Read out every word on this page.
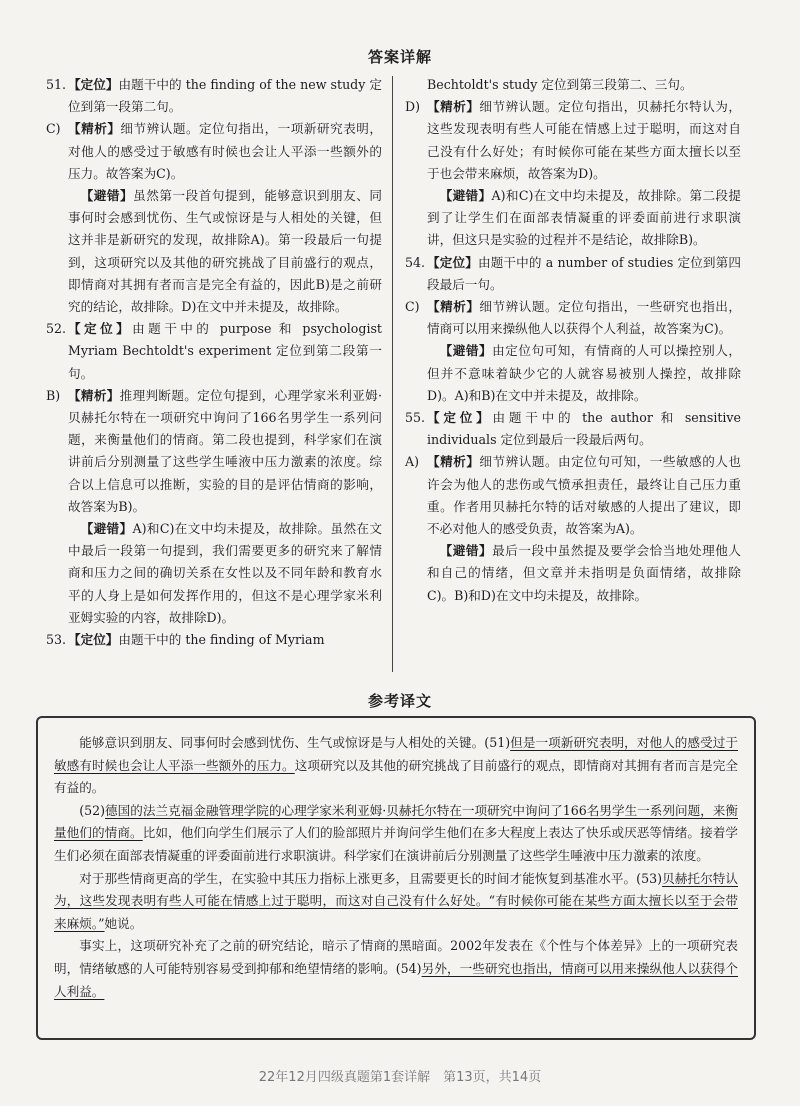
答案详解
51. 【定位】由题干中的 the finding of the new study 定位到第一段第二句。
C) 【精析】细节辨认题。定位句指出，一项新研究表明，对他人的感受过于敏感有时候也会让人平添一些额外的压力。故答案为C)。
【避错】虽然第一段首句提到，能够意识到朋友、同事何时会感到忧伤、生气或惊讶是与人相处的关键，但这并非是新研究的发现，故排除A)。第一段最后一句提到，这项研究以及其他的研究挑战了目前盛行的观点，即情商对其拥有者而言是完全有益的，因此B)是之前研究的结论，故排除。D)在文中并未提及，故排除。
52. 【定位】由题干中的 purpose 和 psychologist Myriam Bechtoldt's experiment 定位到第二段第一句。
B) 【精析】推理判断题。定位句提到，心理学家米利亚姆·贝赫托尔特在一项研究中询问了166名男学生一系列问题，来衡量他们的情商。第二段也提到，科学家们在演讲前后分别测量了这些学生唾液中压力激素的浓度。综合以上信息可以推断，实验的目的是评估情商的影响，故答案为B)。
【避错】A)和C)在文中均未提及，故排除。虽然在文中最后一段第一句提到，我们需要更多的研究来了解情商和压力之间的确切关系在女性以及不同年龄和教育水平的人身上是如何发挥作用的，但这不是心理学家米利亚姆实验的内容，故排除D)。
53. 【定位】由题干中的 the finding of Myriam
Bechtoldt's study 定位到第三段第二、三句。
D) 【精析】细节辨认题。定位句指出，贝赫托尔特认为，这些发现表明有些人可能在情感上过于聪明，而这对自己没有什么好处；有时候你可能在某些方面太擅长以至于也会带来麻烦，故答案为D)。
【避错】A)和C)在文中均未提及，故排除。第二段提到了让学生们在面部表情凝重的评委面前进行求职演讲，但这只是实验的过程并不是结论，故排除B)。
54. 【定位】由题干中的 a number of studies 定位到第四段最后一句。
C) 【精析】细节辨认题。定位句指出，一些研究也指出，情商可以用来操纵他人以获得个人利益，故答案为C)。
【避错】由定位句可知，有情商的人可以操控别人，但并不意味着缺少它的人就容易被别人操控，故排除D)。A)和B)在文中并未提及，故排除。
55. 【定位】由题干中的 the author 和 sensitive individuals 定位到最后一段最后两句。
A) 【精析】细节辨认题。由定位句可知，一些敏感的人也许会为他人的悲伤或气愤承担责任，最终让自己压力重重。作者用贝赫托尔特的话对敏感的人提出了建议，即不必对他人的感受负责，故答案为A)。
【避错】最后一段中虽然提及要学会恰当地处理他人和自己的情绪，但文章并未指明是负面情绪，故排除C)。B)和D)在文中均未提及，故排除。
参考译文

能够意识到朋友、同事何时会感到忧伤、生气或惊讶是与人相处的关键。(51)但是一项新研究表明，对他人的感受过于敏感有时候也会让人平添一些额外的压力。这项研究以及其他的研究挑战了目前盛行的观点，即情商对其拥有者而言是完全有益的。

(52)德国的法兰克福金融管理学院的心理学家米利亚姆·贝赫托尔特在一项研究中询问了166名男学生一系列问题，来衡量他们的情商。比如，他们向学生们展示了人们的脸部照片并询问学生他们在多大程度上表达了快乐或厌恶等情绪。接着学生们必须在面部表情凝重的评委面前进行求职演讲。科学家们在演讲前后分别测量了这些学生唾液中压力激素的浓度。

对于那些情商更高的学生，在实验中其压力指标上涨更多，且需要更长的时间才能恢复到基准水平。(53)贝赫托尔特认为，这些发现表明有些人可能在情感上过于聪明，而这对自己没有什么好处。“有时候你可能在某些方面太擅长以至于会带来麻烦。”她说。

事实上，这项研究补充了之前的研究结论，暗示了情商的黑暗面。2002年发表在《个性与个体差异》上的一项研究表明，情绪敏感的人可能特别容易受到抑郁和绝望情绪的影响。(54)另外，一些研究也指出，情商可以用来操纵他人以获得个人利益。

22年12月四级真题第1套详解　第13页，共14页
